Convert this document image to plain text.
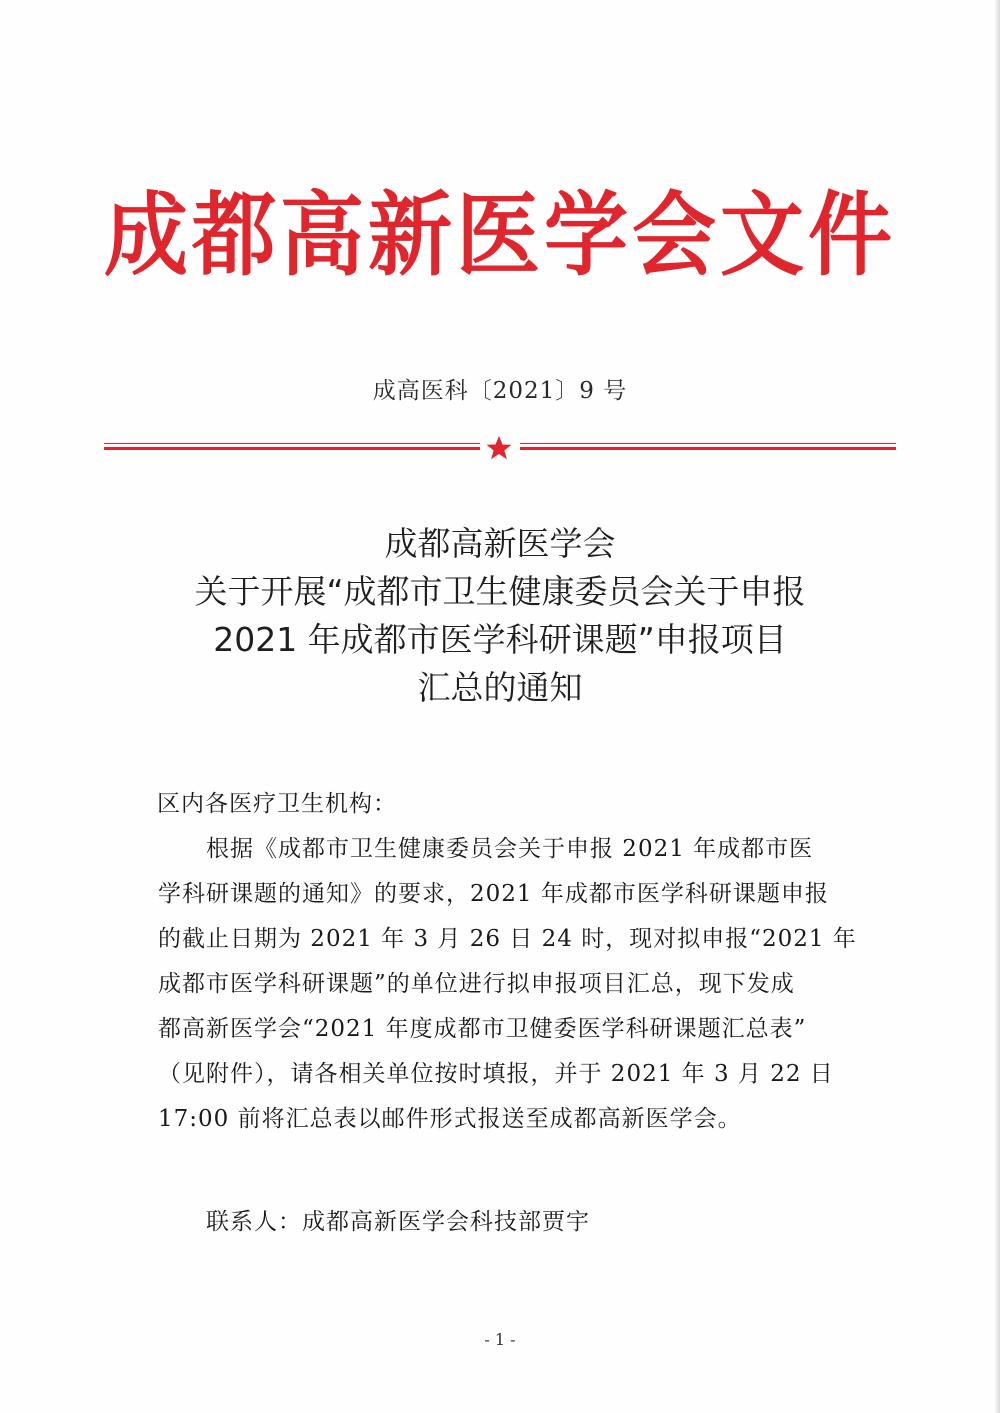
成都高新医学会文件
成高医科〔2021〕9 号
成都高新医学会
关于开展“成都市卫生健康委员会关于申报
2021 年成都市医学科研课题”申报项目
汇总的通知
区内各医疗卫生机构：
根据《成都市卫生健康委员会关于申报 2021 年成都市医
学科研课题的通知》的要求，2021 年成都市医学科研课题申报
的截止日期为 2021 年 3 月 26 日 24 时，现对拟申报“2021 年
成都市医学科研课题”的单位进行拟申报项目汇总，现下发成
都高新医学会“2021 年度成都市卫健委医学科研课题汇总表”
（见附件），请各相关单位按时填报，并于 2021 年 3 月 22 日
17:00 前将汇总表以邮件形式报送至成都高新医学会。
联系人：成都高新医学会科技部贾宇
- 1 -
